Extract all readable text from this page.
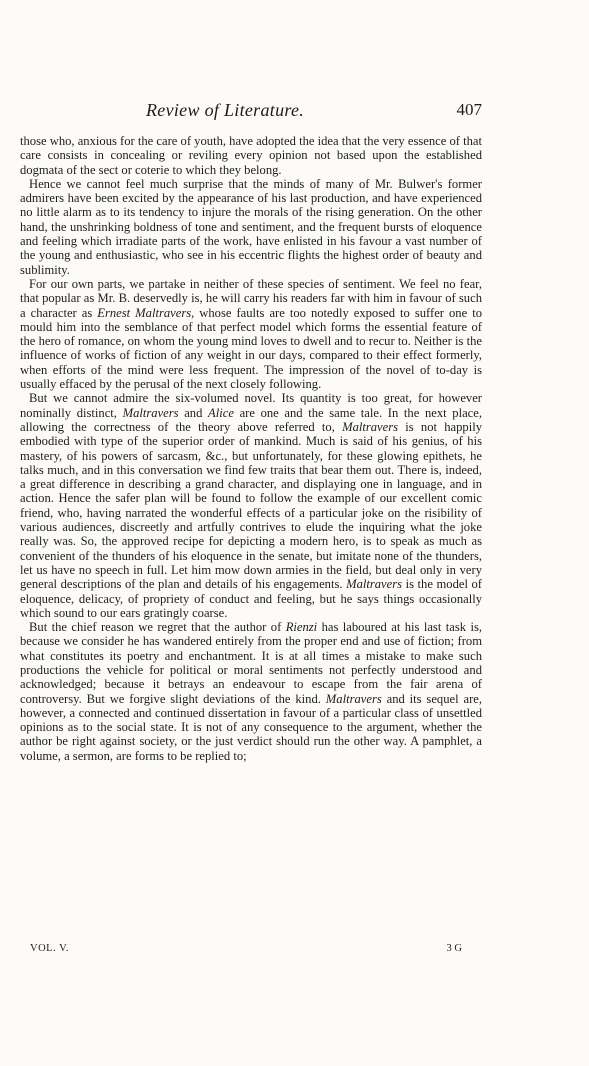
Review of Literature.	407

those who, anxious for the care of youth, have adopted the idea that the very essence of that care consists in concealing or reviling every opinion not based upon the established dogmata of the sect or coterie to which they belong.

Hence we cannot feel much surprise that the minds of many of Mr. Bulwer's former admirers have been excited by the appearance of his last production, and have experienced no little alarm as to its tendency to injure the morals of the rising generation. On the other hand, the unshrinking boldness of tone and sentiment, and the frequent bursts of eloquence and feeling which irradiate parts of the work, have enlisted in his favour a vast number of the young and enthusiastic, who see in his eccentric flights the highest order of beauty and sublimity.

For our own parts, we partake in neither of these species of sentiment. We feel no fear, that popular as Mr. B. deservedly is, he will carry his readers far with him in favour of such a character as Ernest Maltravers, whose faults are too notedly exposed to suffer one to mould him into the semblance of that perfect model which forms the essential feature of the hero of romance, on whom the young mind loves to dwell and to recur to. Neither is the influence of works of fiction of any weight in our days, compared to their effect formerly, when efforts of the mind were less frequent. The impression of the novel of to-day is usually effaced by the perusal of the next closely following.

But we cannot admire the six-volumed novel. Its quantity is too great, for however nominally distinct, Maltravers and Alice are one and the same tale. In the next place, allowing the correctness of the theory above referred to, Maltravers is not happily embodied with type of the superior order of mankind. Much is said of his genius, of his mastery, of his powers of sarcasm, &c., but unfortunately, for these glowing epithets, he talks much, and in this conversation we find few traits that bear them out. There is, indeed, a great difference in describing a grand character, and displaying one in language, and in action. Hence the safer plan will be found to follow the example of our excellent comic friend, who, having narrated the wonderful effects of a particular joke on the risibility of various audiences, discreetly and artfully contrives to elude the inquiring what the joke really was. So, the approved recipe for depicting a modern hero, is to speak as much as convenient of the thunders of his eloquence in the senate, but imitate none of the thunders, let us have no speech in full. Let him mow down armies in the field, but deal only in very general descriptions of the plan and details of his engagements. Maltravers is the model of eloquence, delicacy, of propriety of conduct and feeling, but he says things occasionally which sound to our ears gratingly coarse.

But the chief reason we regret that the author of Rienzi has laboured at his last task is, because we consider he has wandered entirely from the proper end and use of fiction; from what constitutes its poetry and enchantment. It is at all times a mistake to make such productions the vehicle for political or moral sentiments not perfectly understood and acknowledged; because it betrays an endeavour to escape from the fair arena of controversy. But we forgive slight deviations of the kind. Maltravers and its sequel are, however, a connected and continued dissertation in favour of a particular class of unsettled opinions as to the social state. It is not of any consequence to the argument, whether the author be right against society, or the just verdict should run the other way. A pamphlet, a volume, a sermon, are forms to be replied to;

VOL. V.	3 G
